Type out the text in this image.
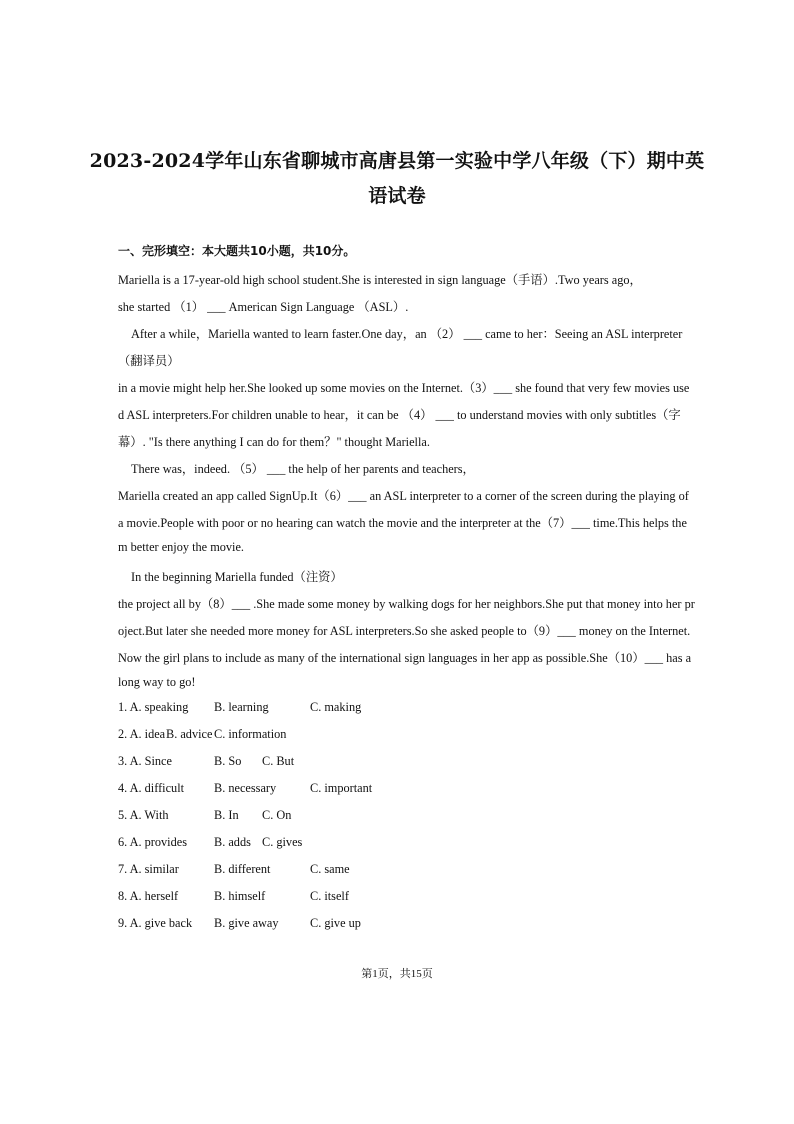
2023-2024学年山东省聊城市高唐县第一实验中学八年级（下）期中英
语试卷
一、完形填空：本大题共10小题，共10分。
Mariella is a 17-year-old high school student.She is interested in sign language（手语）.Two years ago，
she started （1） ___ American Sign Language （ASL）.
After a while，Mariella wanted to learn faster.One day，an （2） ___ came to her：Seeing an ASL interpreter
（翻译员）
in a movie might help her.She looked up some movies on the Internet.（3）___ she found that very few movies use
d ASL interpreters.For children unable to hear，it can be （4） ___ to understand movies with only subtitles（字
幕）. "Is there anything I can do for them？" thought Mariella.
There was，indeed. （5） ___ the help of her parents and teachers，
Mariella created an app called SignUp.It（6）___ an ASL interpreter to a corner of the screen during the playing of
a movie.People with poor or no hearing can watch the movie and the interpreter at the（7）___ time.This helps the
m better enjoy the movie.
In the beginning Mariella funded（注资）
the project all by（8）___ .She made some money by walking dogs for her neighbors.She put that money into her pr
oject.But later she needed more money for ASL interpreters.So she asked people to（9）___ money on the Internet.
Now the girl plans to include as many of the international sign languages in her app as possible.She（10）___ has a
long way to go!
1. A. speaking B. learning	C. making
2. A. idea B. advice C. information
3. A. Since	B. So C. But
4. A. difficult B. necessary	C. important
5. A. With	B. In C. On
6. A. provides B. adds C. gives
7. A. similar	B. different	C. same
8. A. herself	B. himself	C. itself
9. A. give back B. give away	C. give up
第1页，共15页
